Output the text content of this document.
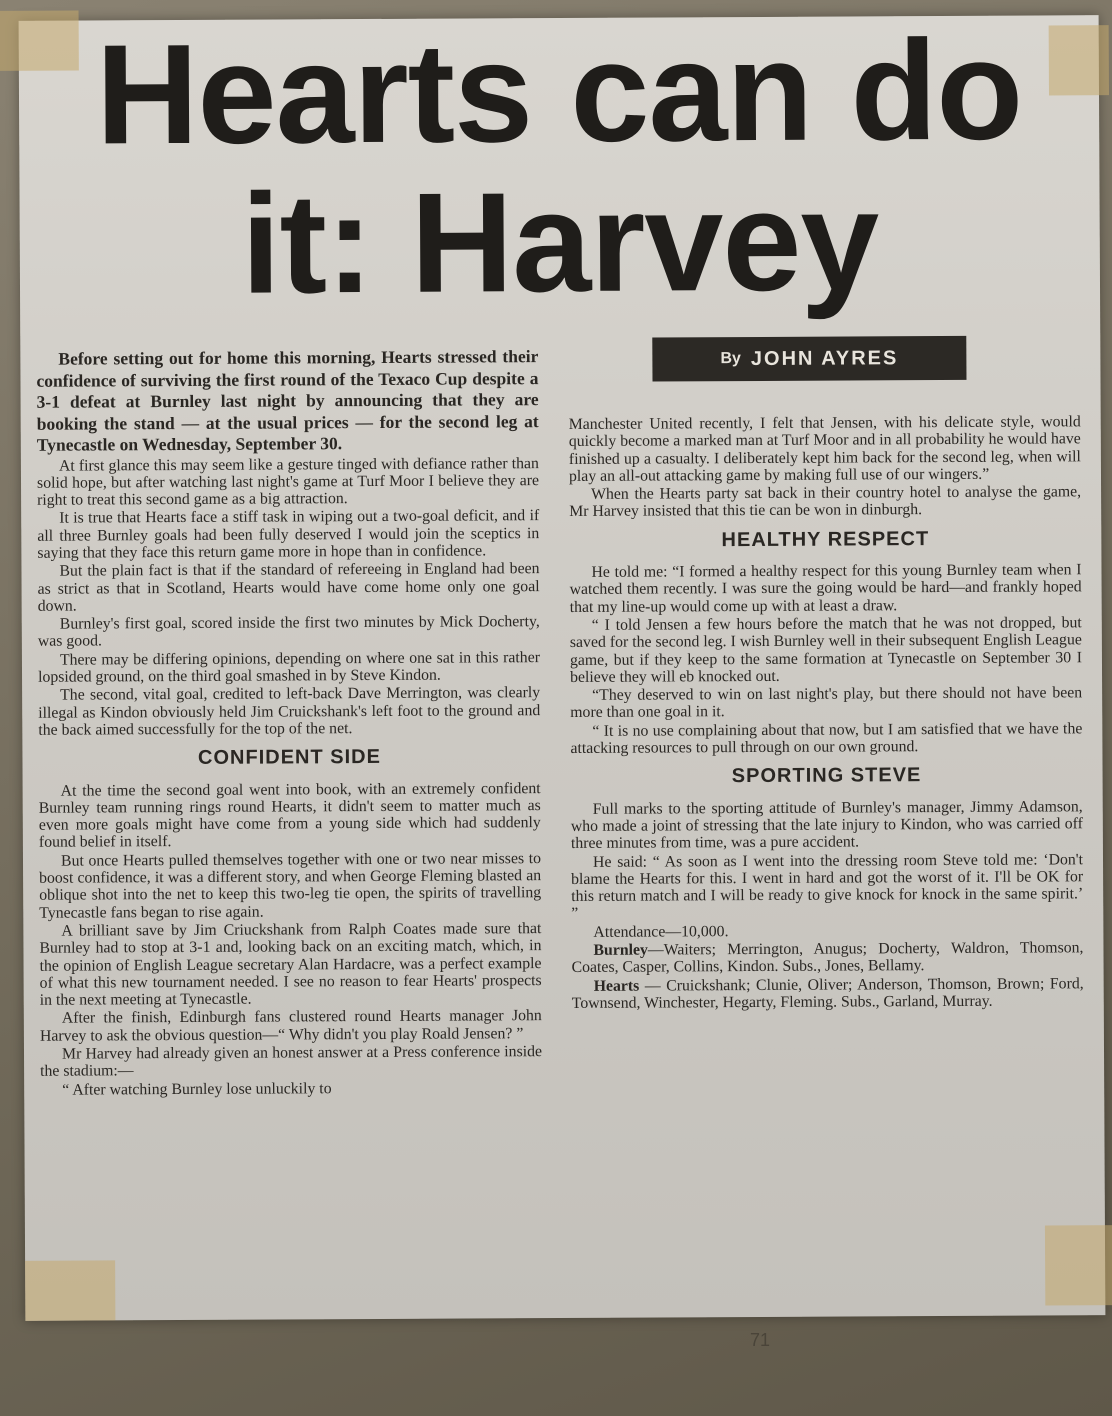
Hearts can do
it: Harvey
By JOHN AYRES

Before setting out for home this morning, Hearts stressed their confidence of surviving the first round of the Texaco Cup despite a 3-1 defeat at Burnley last night by announcing that they are booking the stand — at the usual prices — for the second leg at Tynecastle on Wednesday, September 30.

At first glance this may seem like a gesture tinged with defiance rather than solid hope, but after watching last night's game at Turf Moor I believe they are right to treat this second game as a big attraction.

It is true that Hearts face a stiff task in wiping out a two-goal deficit, and if all three Burnley goals had been fully deserved I would join the sceptics in saying that they face this return game more in hope than in confidence.

But the plain fact is that if the standard of refereeing in England had been as strict as that in Scotland, Hearts would have come home only one goal down.

Burnley's first goal, scored inside the first two minutes by Mick Docherty, was good.

There may be differing opinions, depending on where one sat in this rather lopsided ground, on the third goal smashed in by Steve Kindon.

The second, vital goal, credited to left-back Dave Merrington, was clearly illegal as Kindon obviously held Jim Cruickshank's left foot to the ground and the back aimed successfully for the top of the net.

CONFIDENT SIDE

At the time the second goal went into book, with an extremely confident Burnley team running rings round Hearts, it didn't seem to matter much as even more goals might have come from a young side which had suddenly found belief in itself.

But once Hearts pulled themselves together with one or two near misses to boost confidence, it was a different story, and when George Fleming blasted an oblique shot into the net to keep this two-leg tie open, the spirits of travelling Tynecastle fans began to rise again.

A brilliant save by Jim Criuckshank from Ralph Coates made sure that Burnley had to stop at 3-1 and, looking back on an exciting match, which, in the opinion of English League secretary Alan Hardacre, was a perfect example of what this new tournament needed. I see no reason to fear Hearts' prospects in the next meeting at Tynecastle.

After the finish, Edinburgh fans clustered round Hearts manager John Harvey to ask the obvious question—“ Why didn't you play Roald Jensen? ”

Mr Harvey had already given an honest answer at a Press conference inside the stadium:—

“ After watching Burnley lose unluckily to

Manchester United recently, I felt that Jensen, with his delicate style, would quickly become a marked man at Turf Moor and in all probability he would have finished up a casualty. I deliberately kept him back for the second leg, when will play an all-out attacking game by making full use of our wingers.”

When the Hearts party sat back in their country hotel to analyse the game, Mr Harvey insisted that this tie can be won in dinburgh.

HEALTHY RESPECT

He told me: “I formed a healthy respect for this young Burnley team when I watched them recently. I was sure the going would be hard—and frankly hoped that my line-up would come up with at least a draw.

“ I told Jensen a few hours before the match that he was not dropped, but saved for the second leg. I wish Burnley well in their subsequent English League game, but if they keep to the same formation at Tynecastle on September 30 I believe they will eb knocked out.

“They deserved to win on last night's play, but there should not have been more than one goal in it.

“ It is no use complaining about that now, but I am satisfied that we have the attacking resources to pull through on our own ground.

SPORTING STEVE

Full marks to the sporting attitude of Burnley's manager, Jimmy Adamson, who made a joint of stressing that the late injury to Kindon, who was carried off three minutes from time, was a pure accident.

He said: “ As soon as I went into the dressing room Steve told me: ‘Don't blame the Hearts for this. I went in hard and got the worst of it. I'll be OK for this return match and I will be ready to give knock for knock in the same spirit.’ ”

Attendance—10,000.

Burnley—Waiters; Merrington, Anugus; Docherty, Waldron, Thomson, Coates, Casper, Collins, Kindon. Subs., Jones, Bellamy.

Hearts — Cruickshank; Clunie, Oliver; Anderson, Thomson, Brown; Ford, Townsend, Winchester, Hegarty, Fleming. Subs., Garland, Murray.

71
